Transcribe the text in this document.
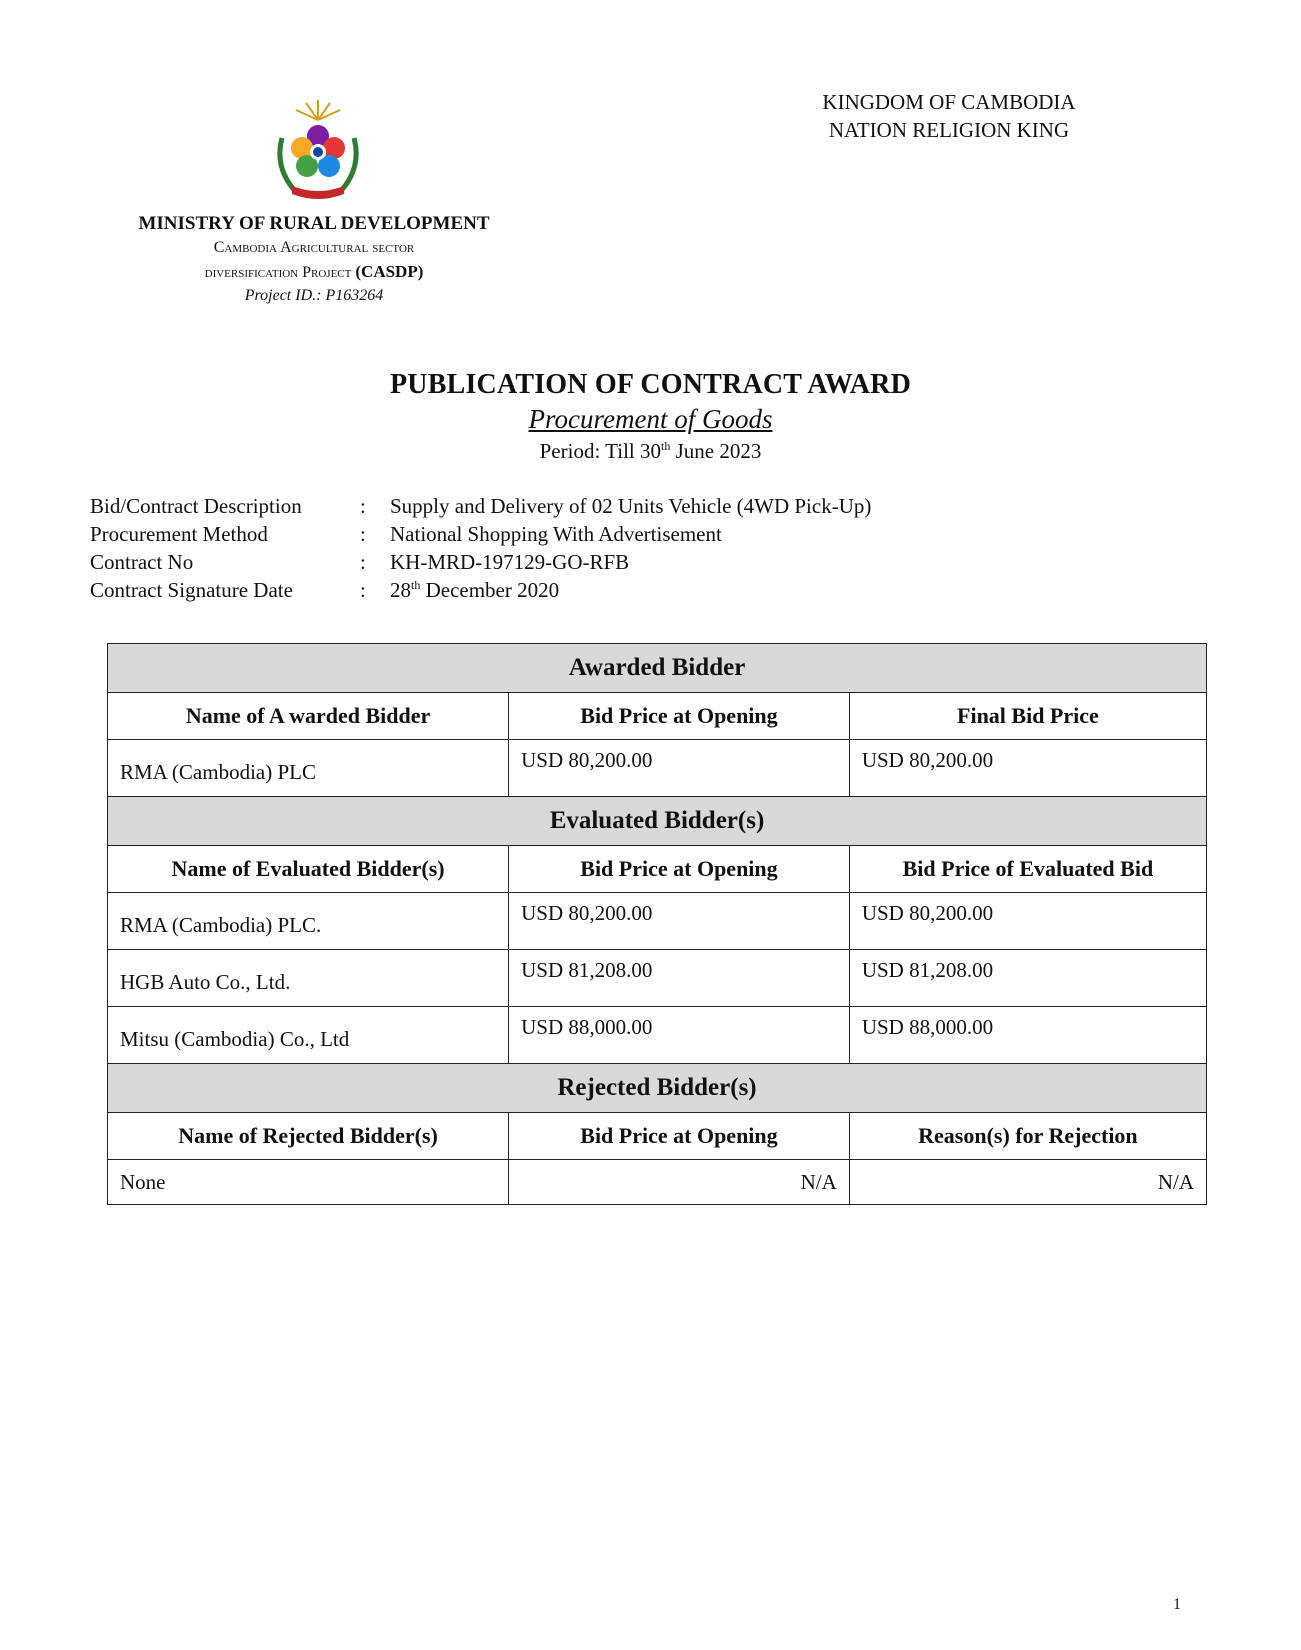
KINGDOM OF CAMBODIA
NATION RELIGION KING
MINISTRY OF RURAL DEVELOPMENT
Cambodia Agricultural sector
diversification Project (CASDP)
Project ID.: P163264
PUBLICATION OF CONTRACT AWARD
Procurement of Goods
Period: Till 30th June 2023
Bid/Contract Description	:	Supply and Delivery of 02 Units Vehicle (4WD Pick-Up)
Procurement Method	:	National Shopping With Advertisement
Contract No	:	KH-MRD-197129-GO-RFB
Contract Signature Date	:	28th December 2020
Awarded Bidder		
Name of A warded Bidder	Bid Price at Opening	Final Bid Price
RMA (Cambodia) PLC	USD 80,200.00	USD 80,200.00
Evaluated Bidder(s)		
Name of Evaluated Bidder(s)	Bid Price at Opening	Bid Price of Evaluated Bid
RMA (Cambodia) PLC.	USD 80,200.00	USD 80,200.00
HGB Auto Co., Ltd.	USD 81,208.00	USD 81,208.00
Mitsu (Cambodia) Co., Ltd	USD 88,000.00	USD 88,000.00
Rejected Bidder(s)		
Name of Rejected Bidder(s)	Bid Price at Opening	Reason(s) for Rejection
None	N/A	N/A
1
